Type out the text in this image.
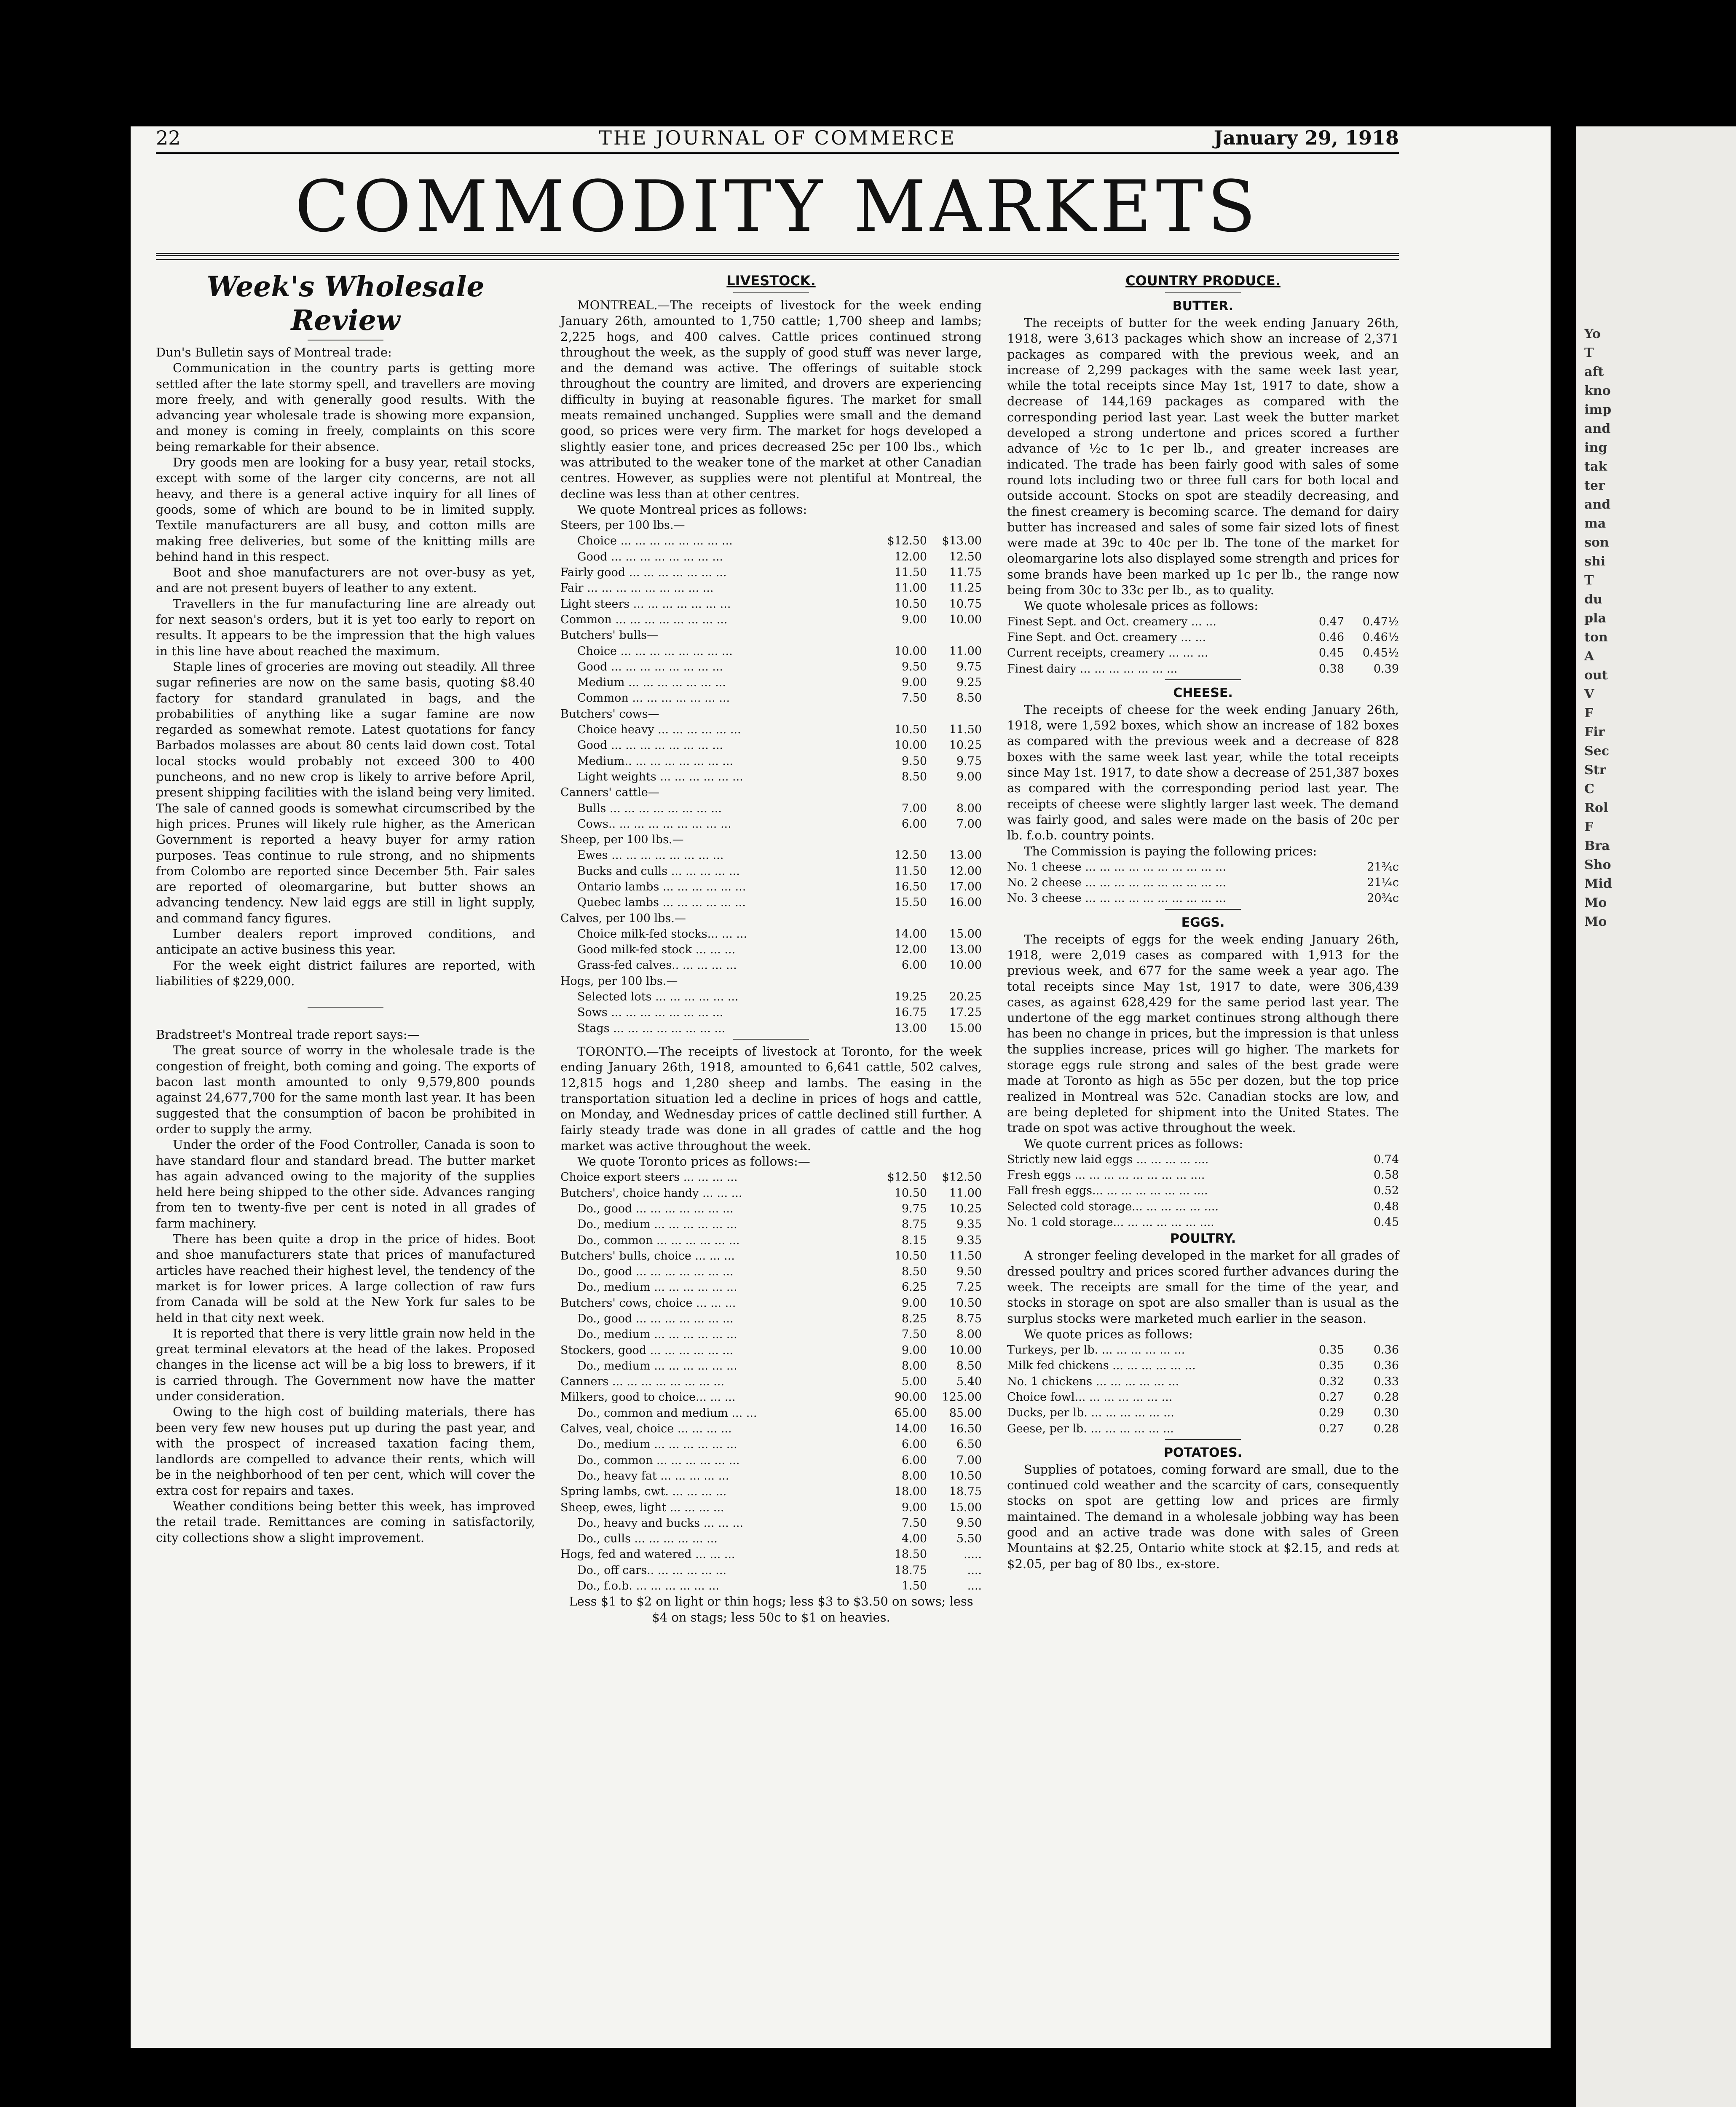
Yo
T
aft
kno
imp
and
ing
tak
ter
and
ma
son
shi
T
du
pla
ton
A
out
V
F
Fir
Sec
Str
C
Rol
F
Bra
Sho
Mid
Mo
Mo
22	THE JOURNAL OF COMMERCE	January 29, 1918
COMMODITY MARKETS
Week's Wholesale Review

Dun's Bulletin says of Montreal trade:

Communication in the country parts is getting more settled after the late stormy spell, and travellers are moving more freely, and with generally good results. With the advancing year wholesale trade is showing more expansion, and money is coming in freely, complaints on this score being remarkable for their absence.

Dry goods men are looking for a busy year, retail stocks, except with some of the larger city concerns, are not all heavy, and there is a general active inquiry for all lines of goods, some of which are bound to be in limited supply. Textile manufacturers are all busy, and cotton mills are making free deliveries, but some of the knitting mills are behind hand in this respect.

Boot and shoe manufacturers are not over-busy as yet, and are not present buyers of leather to any extent.

Travellers in the fur manufacturing line are already out for next season's orders, but it is yet too early to report on results. It appears to be the impression that the high values in this line have about reached the maximum.

Staple lines of groceries are moving out steadily. All three sugar refineries are now on the same basis, quoting $8.40 factory for standard granulated in bags, and the probabilities of anything like a sugar famine are now regarded as somewhat remote. Latest quotations for fancy Barbados molasses are about 80 cents laid down cost. Total local stocks would probably not exceed 300 to 400 puncheons, and no new crop is likely to arrive before April, present shipping facilities with the island being very limited. The sale of canned goods is somewhat circumscribed by the high prices. Prunes will likely rule higher, as the American Government is reported a heavy buyer for army ration purposes. Teas continue to rule strong, and no shipments from Colombo are reported since December 5th. Fair sales are reported of oleomargarine, but butter shows an advancing tendency. New laid eggs are still in light supply, and command fancy figures.

Lumber dealers report improved conditions, and anticipate an active business this year.

For the week eight district failures are reported, with liabilities of $229,000.

Bradstreet's Montreal trade report says:—

The great source of worry in the wholesale trade is the congestion of freight, both coming and going. The exports of bacon last month amounted to only 9,579,800 pounds against 24,677,700 for the same month last year. It has been suggested that the consumption of bacon be prohibited in order to supply the army.

Under the order of the Food Controller, Canada is soon to have standard flour and standard bread. The butter market has again advanced owing to the majority of the supplies held here being shipped to the other side. Advances ranging from ten to twenty-five per cent is noted in all grades of farm machinery.

There has been quite a drop in the price of hides. Boot and shoe manufacturers state that prices of manufactured articles have reached their highest level, the tendency of the market is for lower prices. A large collection of raw furs from Canada will be sold at the New York fur sales to be held in that city next week.

It is reported that there is very little grain now held in the great terminal elevators at the head of the lakes. Proposed changes in the license act will be a big loss to brewers, if it is carried through. The Government now have the matter under consideration.

Owing to the high cost of building materials, there has been very few new houses put up during the past year, and with the prospect of increased taxation facing them, landlords are compelled to advance their rents, which will be in the neighborhood of ten per cent, which will cover the extra cost for repairs and taxes.

Weather conditions being better this week, has improved the retail trade. Remittances are coming in satisfactorily, city collections show a slight improvement.

LIVESTOCK.

MONTREAL.—The receipts of livestock for the week ending January 26th, amounted to 1,750 cattle; 1,700 sheep and lambs; 2,225 hogs, and 400 calves. Cattle prices continued strong throughout the week, as the supply of good stuff was never large, and the demand was active. The offerings of suitable stock throughout the country are limited, and drovers are experiencing difficulty in buying at reasonable figures. The market for small meats remained unchanged. Supplies were small and the demand good, so prices were very firm. The market for hogs developed a slightly easier tone, and prices decreased 25c per 100 lbs., which was attributed to the weaker tone of the market at other Canadian centres. However, as supplies were not plentiful at Montreal, the decline was less than at other centres.

We quote Montreal prices as follows:

Steers, per 100 lbs.—
Choice ... ... ... ... ... ... ... ...	$12.50	$13.00
Good ... ... ... ... ... ... ... ...	12.00	12.50
Fairly good ... ... ... ... ... ... ...	11.50	11.75
Fair ... ... ... ... ... ... ... ... ...	11.00	11.25
Light steers ... ... ... ... ... ... ...	10.50	10.75
Common ... ... ... ... ... ... ... ...	9.00	10.00
Butchers' bulls—
Choice ... ... ... ... ... ... ... ...	10.00	11.00
Good ... ... ... ... ... ... ... ...	9.50	9.75
Medium ... ... ... ... ... ... ...	9.00	9.25
Common ... ... ... ... ... ... ...	7.50	8.50
Butchers' cows—
Choice heavy ... ... ... ... ... ...	10.50	11.50
Good ... ... ... ... ... ... ... ...	10.00	10.25
Medium.. ... ... ... ... ... ... ...	9.50	9.75
Light weights ... ... ... ... ... ...	8.50	9.00
Canners' cattle—
Bulls ... ... ... ... ... ... ... ...	7.00	8.00
Cows.. ... ... ... ... ... ... ... ...	6.00	7.00
Sheep, per 100 lbs.—
Ewes ... ... ... ... ... ... ... ...	12.50	13.00
Bucks and culls ... ... ... ... ...	11.50	12.00
Ontario lambs ... ... ... ... ... ...	16.50	17.00
Quebec lambs ... ... ... ... ... ...	15.50	16.00
Calves, per 100 lbs.—
Choice milk-fed stocks... ... ...	14.00	15.00
Good milk-fed stock ... ... ...	12.00	13.00
Grass-fed calves.. ... ... ... ...	6.00	10.00
Hogs, per 100 lbs.—
Selected lots ... ... ... ... ... ...	19.25	20.25
Sows ... ... ... ... ... ... ... ...	16.75	17.25
Stags ... ... ... ... ... ... ... ...	13.00	15.00

TORONTO.—The receipts of livestock at Toronto, for the week ending January 26th, 1918, amounted to 6,641 cattle, 502 calves, 12,815 hogs and 1,280 sheep and lambs. The easing in the transportation situation led a decline in prices of hogs and cattle, on Monday, and Wednesday prices of cattle declined still further. A fairly steady trade was done in all grades of cattle and the hog market was active throughout the week.

We quote Toronto prices as follows:—

Choice export steers ... ... ... ...	$12.50	$12.50
Butchers', choice handy ... ... ...	10.50	11.00
Do., good ... ... ... ... ... ... ...	9.75	10.25
Do., medium ... ... ... ... ... ...	8.75	9.35
Do., common ... ... ... ... ... ...	8.15	9.35
Butchers' bulls, choice ... ... ...	10.50	11.50
Do., good ... ... ... ... ... ... ...	8.50	9.50
Do., medium ... ... ... ... ... ...	6.25	7.25
Butchers' cows, choice ... ... ...	9.00	10.50
Do., good ... ... ... ... ... ... ...	8.25	8.75
Do., medium ... ... ... ... ... ...	7.50	8.00
Stockers, good ... ... ... ... ... ...	9.00	10.00
Do., medium ... ... ... ... ... ...	8.00	8.50
Canners ... ... ... ... ... ... ... ...	5.00	5.40
Milkers, good to choice... ... ...	90.00	125.00
Do., common and medium ... ...	65.00	85.00
Calves, veal, choice ... ... ... ...	14.00	16.50
Do., medium ... ... ... ... ... ...	6.00	6.50
Do., common ... ... ... ... ... ...	6.00	7.00
Do., heavy fat ... ... ... ... ...	8.00	10.50
Spring lambs, cwt. ... ... ... ...	18.00	18.75
Sheep, ewes, light ... ... ... ...	9.00	15.00
Do., heavy and bucks ... ... ...	7.50	9.50
Do., culls ... ... ... ... ... ...	4.00	5.50
Hogs, fed and watered ... ... ...	18.50	.....
Do., off cars.. ... ... ... ... ...	18.75	....
Do., f.o.b. ... ... ... ... ... ...	1.50	....

Less $1 to $2 on light or thin hogs; less $3 to $3.50 on sows; less $4 on stags; less 50c to $1 on heavies.

COUNTRY PRODUCE.
BUTTER.

The receipts of butter for the week ending January 26th, 1918, were 3,613 packages which show an increase of 2,371 packages as compared with the previous week, and an increase of 2,299 packages with the same week last year, while the total receipts since May 1st, 1917 to date, show a decrease of 144,169 packages as compared with the corresponding period last year. Last week the butter market developed a strong undertone and prices scored a further advance of ½c to 1c per lb., and greater increases are indicated. The trade has been fairly good with sales of some round lots including two or three full cars for both local and outside account. Stocks on spot are steadily decreasing, and the finest creamery is becoming scarce. The demand for dairy butter has increased and sales of some fair sized lots of finest were made at 39c to 40c per lb. The tone of the market for oleomargarine lots also displayed some strength and prices for some brands have been marked up 1c per lb., the range now being from 30c to 33c per lb., as to quality.

We quote wholesale prices as follows:

Finest Sept. and Oct. creamery ... ...	0.47	0.47½
Fine Sept. and Oct. creamery ... ...	0.46	0.46½
Current receipts, creamery ... ... ...	0.45	0.45½
Finest dairy ... ... ... ... ... ... ...	0.38	0.39
CHEESE.

The receipts of cheese for the week ending January 26th, 1918, were 1,592 boxes, which show an increase of 182 boxes as compared with the previous week and a decrease of 828 boxes with the same week last year, while the total receipts since May 1st. 1917, to date show a decrease of 251,387 boxes as compared with the corresponding period last year. The receipts of cheese were slightly larger last week. The demand was fairly good, and sales were made on the basis of 20c per lb. f.o.b. country points.

The Commission is paying the following prices:

No. 1 cheese ... ... ... ... ... ... ... ... ... ...	21¾c
No. 2 cheese ... ... ... ... ... ... ... ... ... ...	21¼c
No. 3 cheese ... ... ... ... ... ... ... ... ... ...	20¾c
EGGS.

The receipts of eggs for the week ending January 26th, 1918, were 2,019 cases as compared with 1,913 for the previous week, and 677 for the same week a year ago. The total receipts since May 1st, 1917 to date, were 306,439 cases, as against 628,429 for the same period last year. The undertone of the egg market continues strong although there has been no change in prices, but the impression is that unless the supplies increase, prices will go higher. The markets for storage eggs rule strong and sales of the best grade were made at Toronto as high as 55c per dozen, but the top price realized in Montreal was 52c. Canadian stocks are low, and are being depleted for shipment into the United States. The trade on spot was active throughout the week.

We quote current prices as follows:

Strictly new laid eggs ... ... ... ... ....	0.74
Fresh eggs ... ... ... ... ... ... ... ... ....	0.58
Fall fresh eggs... ... ... ... ... ... ... ....	0.52
Selected cold storage... ... ... ... ... ....	0.48
No. 1 cold storage... ... ... ... ... ... ....	0.45
POULTRY.

A stronger feeling developed in the market for all grades of dressed poultry and prices scored further advances during the week. The receipts are small for the time of the year, and stocks in storage on spot are also smaller than is usual as the surplus stocks were marketed much earlier in the season.

We quote prices as follows:

Turkeys, per lb. ... ... ... ... ... ...	0.35	0.36
Milk fed chickens ... ... ... ... ... ...	0.35	0.36
No. 1 chickens ... ... ... ... ... ...	0.32	0.33
Choice fowl... ... ... ... ... ... ...	0.27	0.28
Ducks, per lb. ... ... ... ... ... ...	0.29	0.30
Geese, per lb. ... ... ... ... ... ...	0.27	0.28
POTATOES.

Supplies of potatoes, coming forward are small, due to the continued cold weather and the scarcity of cars, consequently stocks on spot are getting low and prices are firmly maintained. The demand in a wholesale jobbing way has been good and an active trade was done with sales of Green Mountains at $2.25, Ontario white stock at $2.15, and reds at $2.05, per bag of 80 lbs., ex-store.
